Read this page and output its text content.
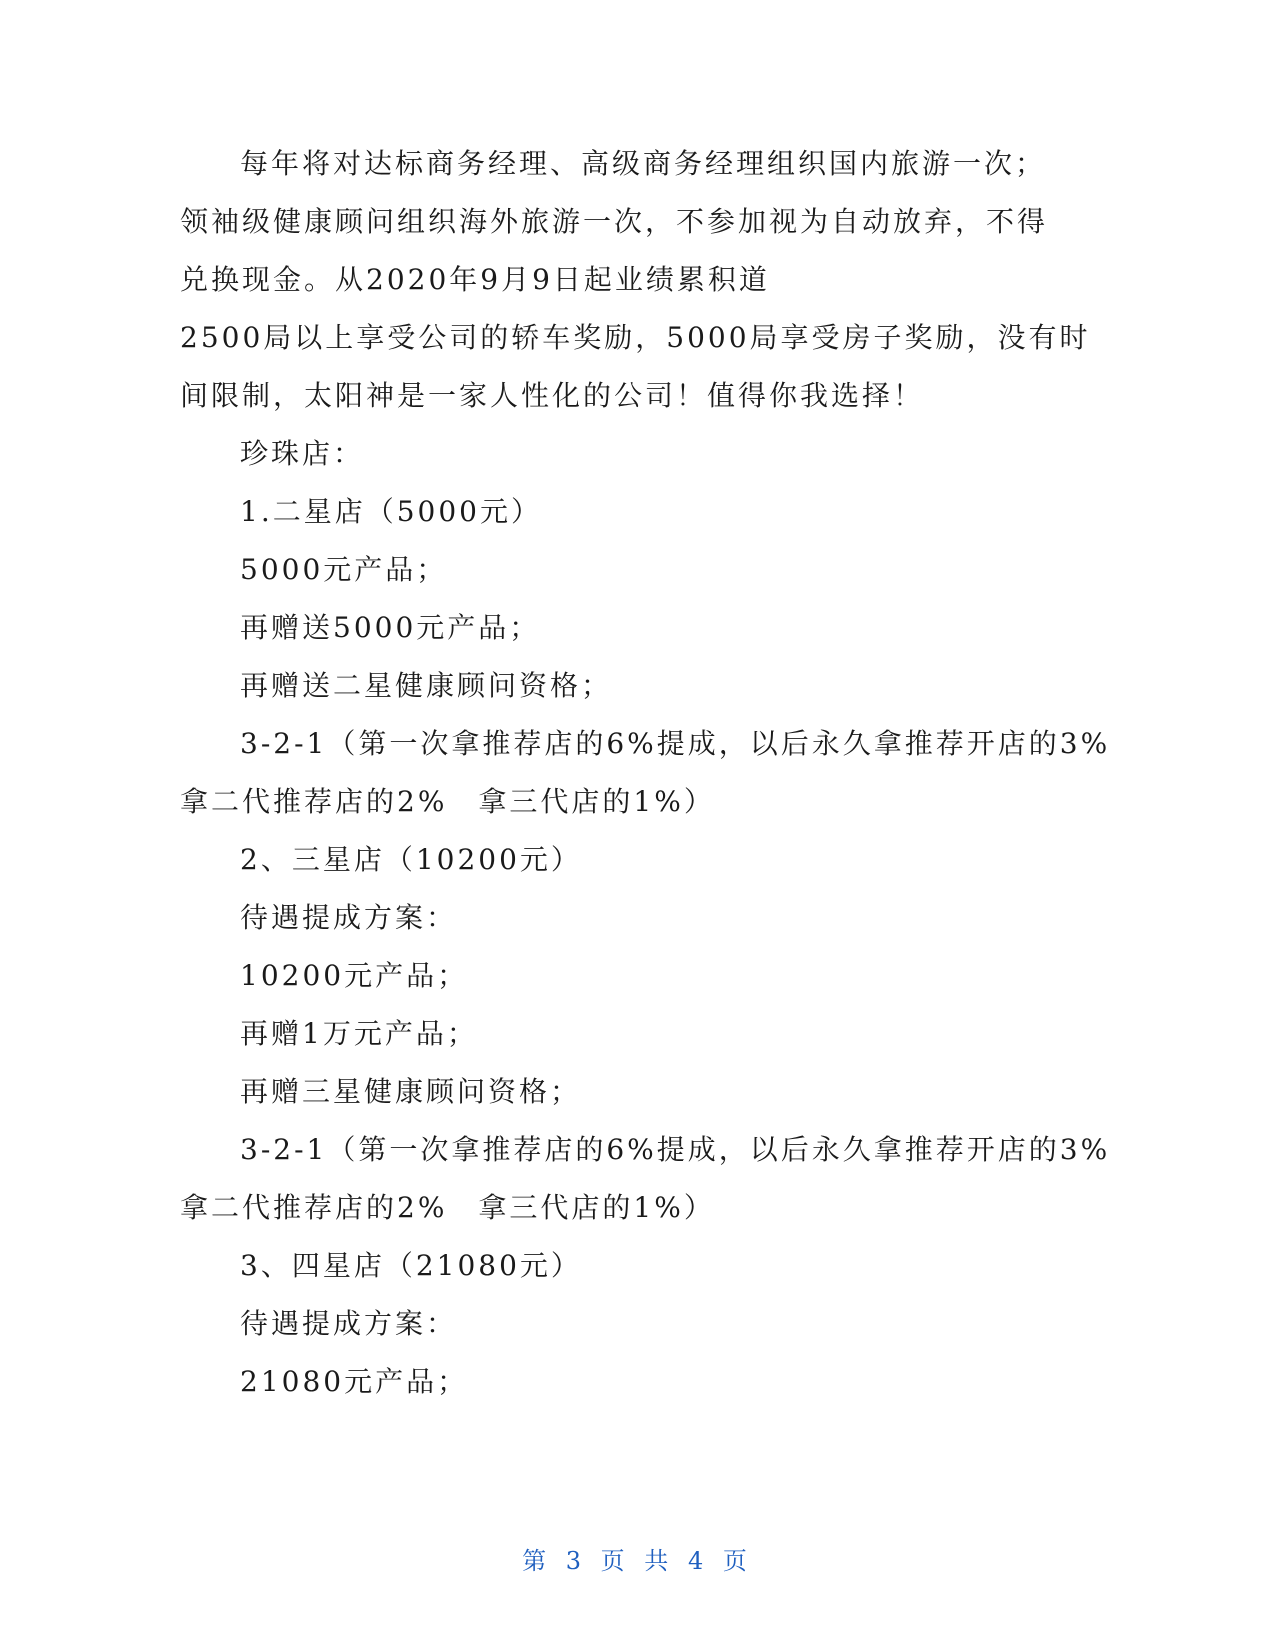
每年将对达标商务经理、高级商务经理组织国内旅游一次；
领袖级健康顾问组织海外旅游一次，不参加视为自动放弃，不得
兑换现金。从2020年9月9日起业绩累积道
2500局以上享受公司的轿车奖励，5000局享受房子奖励，没有时
间限制，太阳神是一家人性化的公司！值得你我选择！
珍珠店：
1.二星店（5000元）
5000元产品；
再赠送5000元产品；
再赠送二星健康顾问资格；
3-2-1（第一次拿推荐店的6%提成，以后永久拿推荐开店的3%
拿二代推荐店的2%　拿三代店的1%）
2、三星店（10200元）
待遇提成方案：
10200元产品；
再赠1万元产品；
再赠三星健康顾问资格；
3-2-1（第一次拿推荐店的6%提成，以后永久拿推荐开店的3%
拿二代推荐店的2%　拿三代店的1%）
3、四星店（21080元）
待遇提成方案：
21080元产品；
第 3 页 共 4 页
